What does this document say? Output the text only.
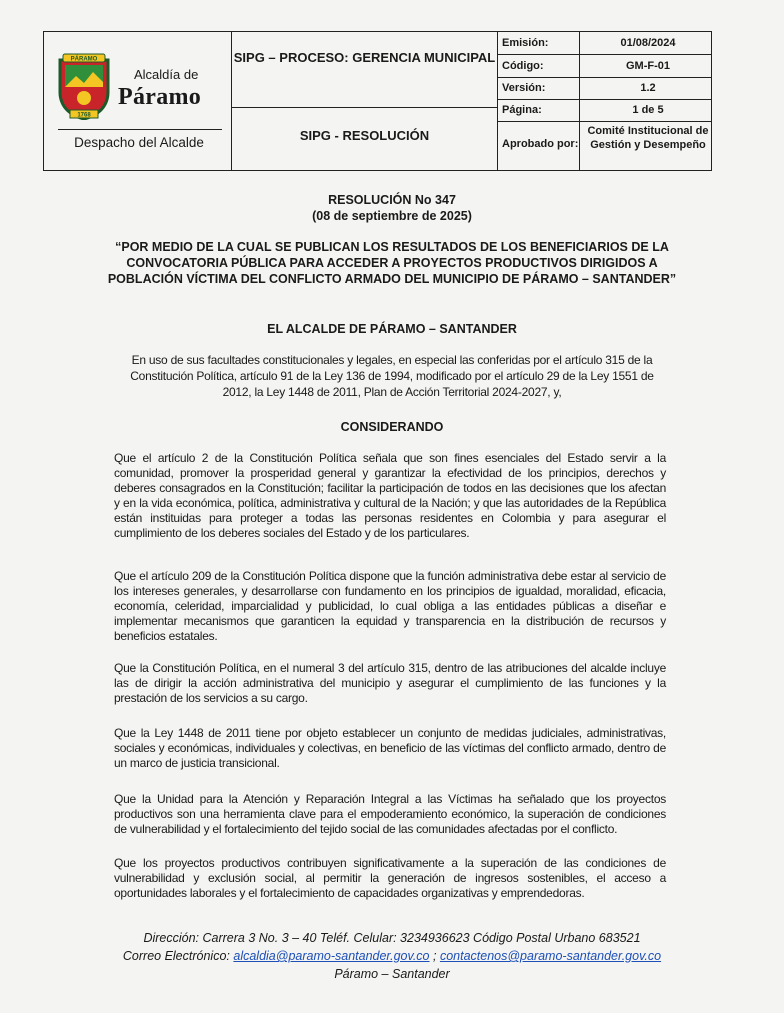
PÁRAMO
1768
Alcaldía de
Páramo
Despacho del Alcalde
SIPG – PROCESO: GERENCIA MUNICIPAL
SIPG - RESOLUCIÓN
Emisión:	01/08/2024
Código:	GM-F-01
Versión:	1.2
Página:	1 de 5
Aprobado por:
Comité Institucional de Gestión y Desempeño
RESOLUCIÓN No 347
(08 de septiembre de 2025)
“POR MEDIO DE LA CUAL SE PUBLICAN LOS RESULTADOS DE LOS BENEFICIARIOS DE LA
CONVOCATORIA PÚBLICA PARA ACCEDER A PROYECTOS PRODUCTIVOS DIRIGIDOS A
POBLACIÓN VÍCTIMA DEL CONFLICTO ARMADO DEL MUNICIPIO DE PÁRAMO – SANTANDER”
EL ALCALDE DE PÁRAMO – SANTANDER
En uso de sus facultades constitucionales y legales, en especial las conferidas por el artículo 315 de la
Constitución Política, artículo 91 de la Ley 136 de 1994, modificado por el artículo 29 de la Ley 1551 de
2012, la Ley 1448 de 2011, Plan de Acción Territorial 2024-2027, y,
CONSIDERANDO
Que el artículo 2 de la Constitución Política señala que son fines esenciales del Estado servir a la comunidad, promover la prosperidad general y garantizar la efectividad de los principios, derechos y deberes consagrados en la Constitución; facilitar la participación de todos en las decisiones que los afectan y en la vida económica, política, administrativa y cultural de la Nación; y que las autoridades de la República están instituidas para proteger a todas las personas residentes en Colombia y para asegurar el cumplimiento de los deberes sociales del Estado y de los particulares.
Que el artículo 209 de la Constitución Política dispone que la función administrativa debe estar al servicio de los intereses generales, y desarrollarse con fundamento en los principios de igualdad, moralidad, eficacia, economía, celeridad, imparcialidad y publicidad, lo cual obliga a las entidades públicas a diseñar e implementar mecanismos que garanticen la equidad y transparencia en la distribución de recursos y beneficios estatales.
Que la Constitución Política, en el numeral 3 del artículo 315, dentro de las atribuciones del alcalde incluye las de dirigir la acción administrativa del municipio y asegurar el cumplimiento de las funciones y la prestación de los servicios a su cargo.
Que la Ley 1448 de 2011 tiene por objeto establecer un conjunto de medidas judiciales, administrativas, sociales y económicas, individuales y colectivas, en beneficio de las víctimas del conflicto armado, dentro de un marco de justicia transicional.
Que la Unidad para la Atención y Reparación Integral a las Víctimas ha señalado que los proyectos productivos son una herramienta clave para el empoderamiento económico, la superación de condiciones de vulnerabilidad y el fortalecimiento del tejido social de las comunidades afectadas por el conflicto.
Que los proyectos productivos contribuyen significativamente a la superación de las condiciones de vulnerabilidad y exclusión social, al permitir la generación de ingresos sostenibles, el acceso a oportunidades laborales y el fortalecimiento de capacidades organizativas y emprendedoras.
Dirección: Carrera 3 No. 3 – 40 Teléf. Celular: 3234936623 Código Postal Urbano 683521
Correo Electrónico: alcaldia@paramo-santander.gov.co ; contactenos@paramo-santander.gov.co
Páramo – Santander
